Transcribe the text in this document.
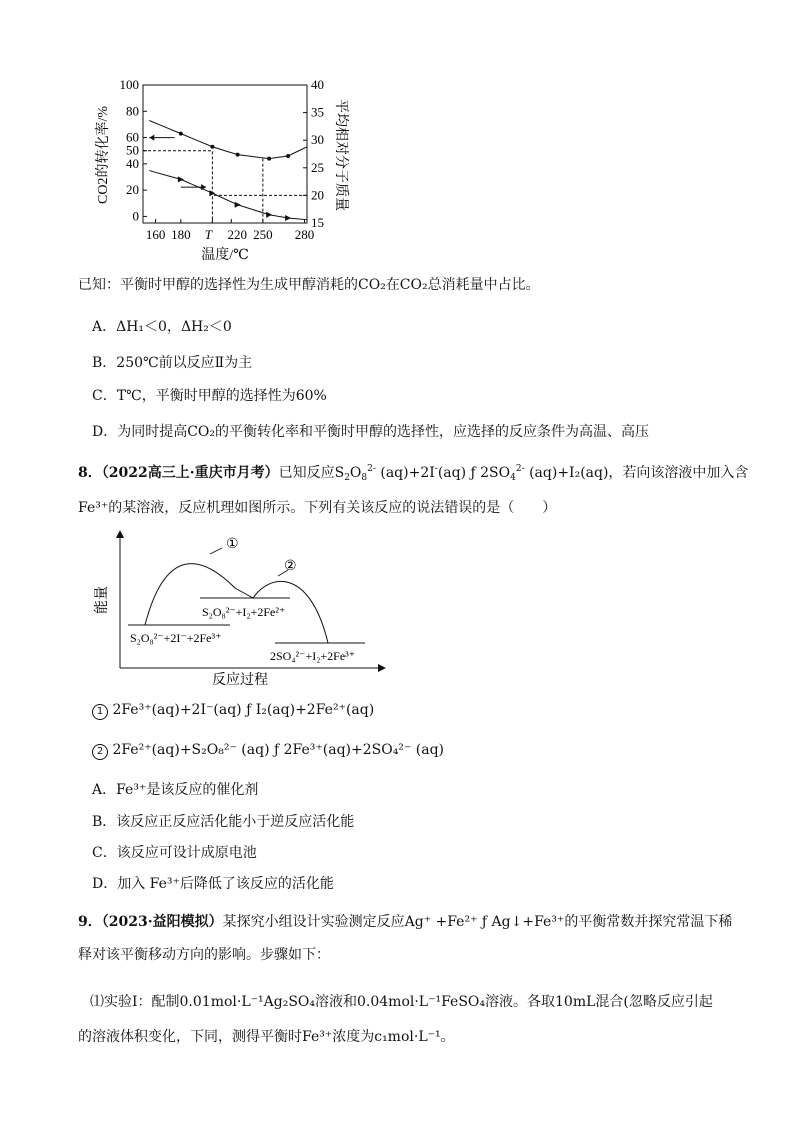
0
20
40
50
60
80
100
15
20
25
30
35
40
160 180 T 220 250 280
CO2的转化率/%	平均相对分子质量
温度/℃
已知：平衡时甲醇的选择性为生成甲醇消耗的CO₂在CO₂总消耗量中占比。
A．ΔH₁＜0，ΔH₂＜0
B．250℃前以反应Ⅱ为主
C．T℃，平衡时甲醇的选择性为60%
D．为同时提高CO₂的平衡转化率和平衡时甲醇的选择性，应选择的反应条件为高温、高压
8．（2022高三上·重庆市月考）已知反应$S_2O_8^{2-}$ (aq)+2I-(aq) ƒ $2SO_4^{2-}$ (aq)+I₂(aq)，若向该溶液中加入含
Fe³⁺的某溶液，反应机理如图所示。下列有关该反应的说法错误的是（　　）
①
②
S₂O₈²⁻+I₂+2Fe²⁺
S₂O₈²⁻+2I⁻+2Fe³⁺
2SO₄²⁻+I₂+2Fe³⁺
能量
反应过程
1 2Fe³⁺(aq)+2I⁻(aq) ƒ I₂(aq)+2Fe²⁺(aq)
2 2Fe²⁺(aq)+S₂O₈²⁻ (aq) ƒ 2Fe³⁺(aq)+2SO₄²⁻ (aq)
A．Fe³⁺是该反应的催化剂
B．该反应正反应活化能小于逆反应活化能
C．该反应可设计成原电池
D．加入 Fe³⁺后降低了该反应的活化能
9．（2023·益阳模拟）某探究小组设计实验测定反应Ag⁺ +Fe²⁺ ƒ Ag↓+Fe³⁺的平衡常数并探究常温下稀
释对该平衡移动方向的影响。步骤如下：
⑴实验Ⅰ：配制0.01mol·L⁻¹Ag₂SO₄溶液和0.04mol·L⁻¹FeSO₄溶液。各取10mL混合(忽略反应引起
的溶液体积变化，下同，测得平衡时Fe³⁺浓度为c₁mol·L⁻¹。
